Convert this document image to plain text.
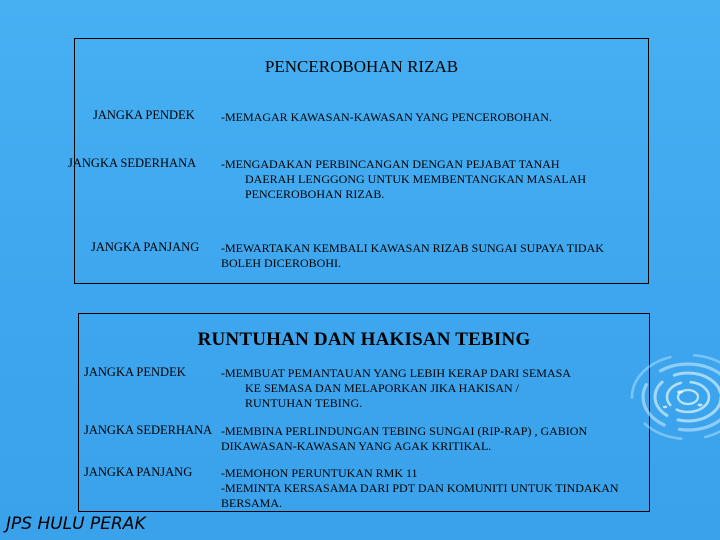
PENCEROBOHAN RIZAB
JANGKA PENDEK -MEMAGAR KAWASAN-KAWASAN YANG PENCEROBOHAN.
JANGKA SEDERHANA -MENGADAKAN PERBINCANGAN DENGAN PEJABAT TANAH
DAERAH LENGGONG UNTUK MEMBENTANGKAN MASALAH
PENCEROBOHAN RIZAB.
JANGKA PANJANG -MEWARTAKAN KEMBALI KAWASAN RIZAB SUNGAI SUPAYA TIDAK
BOLEH DICEROBOHI.
RUNTUHAN DAN HAKISAN TEBING
JANGKA PENDEK	-MEMBUAT PEMANTAUAN YANG LEBIH KERAP DARI SEMASA
KE SEMASA DAN MELAPORKAN JIKA HAKISAN /
RUNTUHAN TEBING.
JANGKA SEDERHANA -MEMBINA PERLINDUNGAN TEBING SUNGAI (RIP-RAP) , GABION
DIKAWASAN-KAWASAN YANG AGAK KRITIKAL.
JANGKA PANJANG -MEMOHON PERUNTUKAN RMK 11
-MEMINTA KERSASAMA DARI PDT DAN KOMUNITI UNTUK TINDAKAN
BERSAMA.
JPS HULU PERAK
